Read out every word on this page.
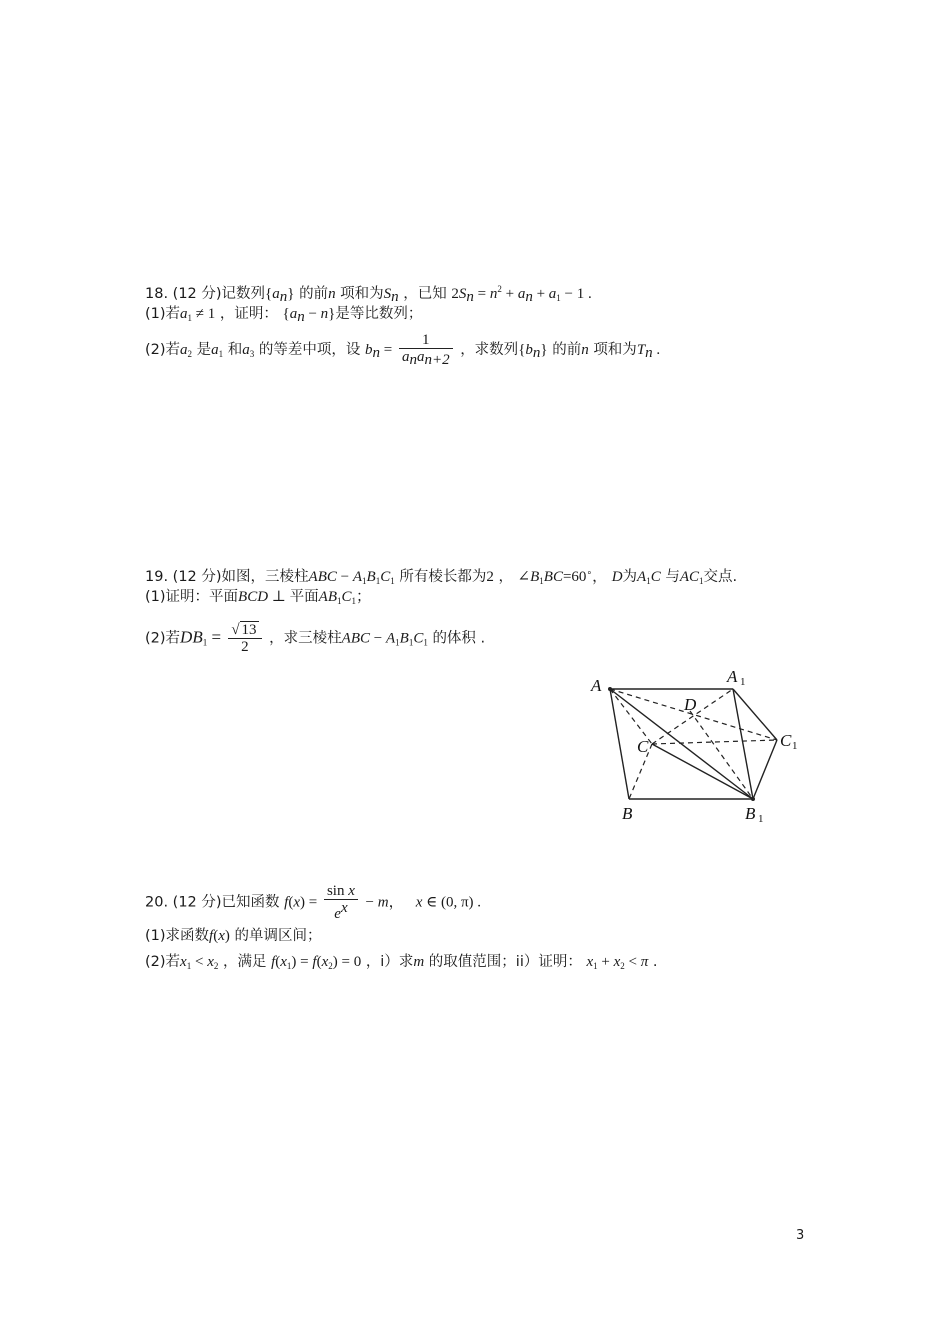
18. (12 分)记数列$\{a_n\}$ 的前n 项和为$S_n$ ，已知 $2S_n = n^2 + a_n + a_1 - 1$ .
(1)若$a_1 \ne 1$ ，证明： $\{a_n - n\}$是等比数列；
(2)若$a_2$ 是$a_1$ 和$a_3$ 的等差中项，设 $b_n = \frac{1}{a_na_{n+2}}$ ，求数列$\{b_n\}$ 的前n 项和为$T_n$ .
19. (12 分)如图，三棱柱ABC − $A_1B_1C_1$ 所有棱长都为2 ， $\angle B_1BC=60^\circ$， D为$A_1C$ 与$AC_1$交点.
(1)证明：平面BCD ⊥ 平面$AB_1C_1$；
(2)若$DB_1 = \frac{√ 13}{2}$ ，求三棱柱ABC − $A_1B_1C_1$ 的体积 .
A	A 1
B	B 1
C	C 1
D
20. (12 分)已知函数 $f(x) = \frac{\text{sin x}}{e^x} - m$，   x ∈ (0, π) .
(1)求函数f(x) 的单调区间；
(2)若$x_1 < x_2$ ，满足 $f(x_1) = f(x_2) = 0$ ，i）求m 的取值范围；ii）证明： $x_1 + x_2 < \pi$ .
3
